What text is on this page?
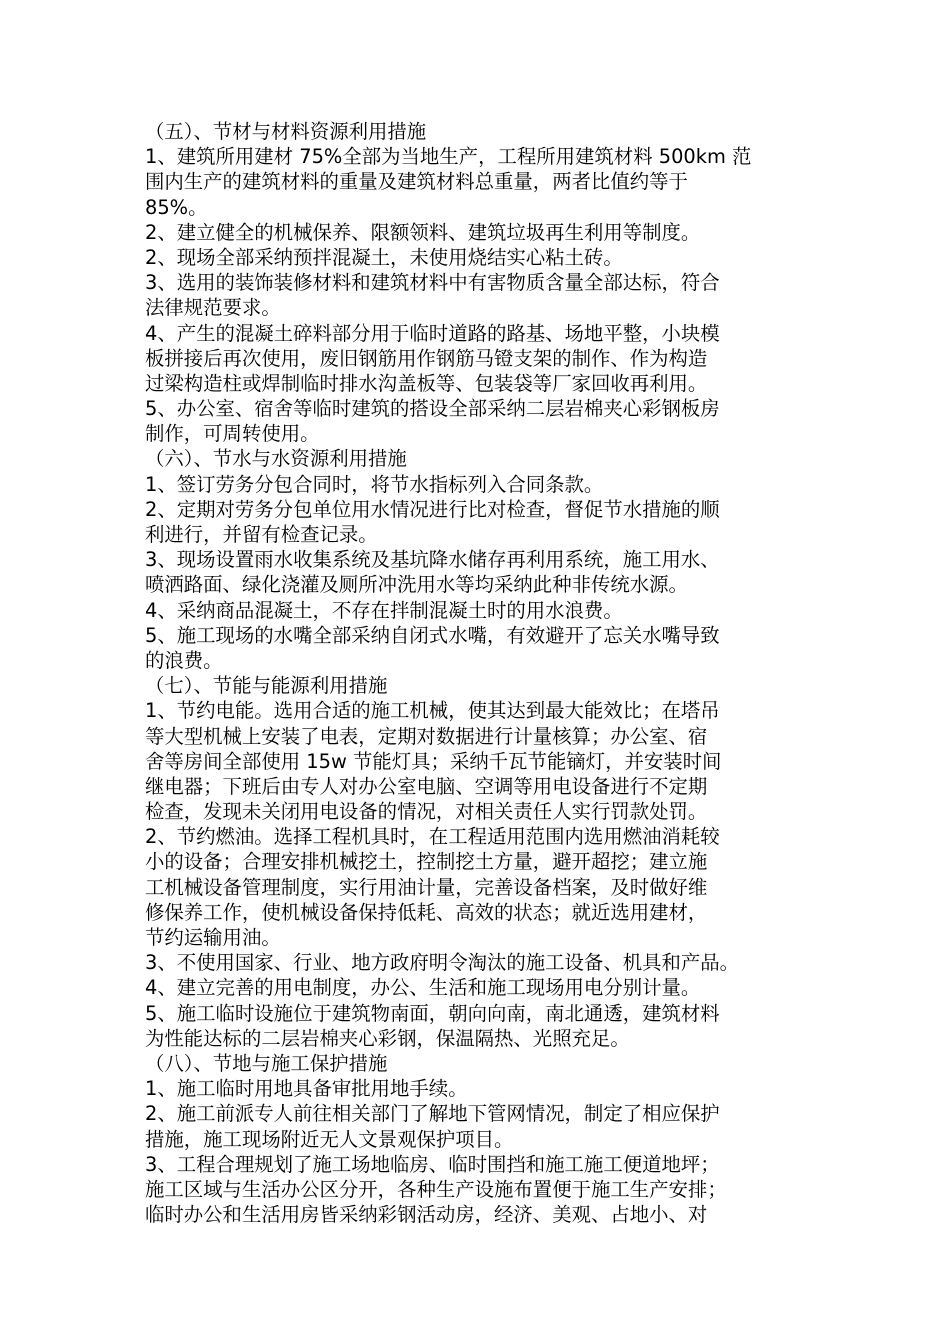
（五）、节材与材料资源利用措施
1、建筑所用建材 75%全部为当地生产，工程所用建筑材料 500km 范
围内生产的建筑材料的重量及建筑材料总重量，两者比值约等于
85%。
2、建立健全的机械保养、限额领料、建筑垃圾再生利用等制度。
2、现场全部采纳预拌混凝土，未使用烧结实心粘土砖。
3、选用的装饰装修材料和建筑材料中有害物质含量全部达标，符合
法律规范要求。
4、产生的混凝土碎料部分用于临时道路的路基、场地平整，小块模
板拼接后再次使用，废旧钢筋用作钢筋马镫支架的制作、作为构造
过梁构造柱或焊制临时排水沟盖板等、包装袋等厂家回收再利用。
5、办公室、宿舍等临时建筑的搭设全部采纳二层岩棉夹心彩钢板房
制作，可周转使用。
（六）、节水与水资源利用措施
1、签订劳务分包合同时，将节水指标列入合同条款。
2、定期对劳务分包单位用水情况进行比对检查，督促节水措施的顺
利进行，并留有检查记录。
3、现场设置雨水收集系统及基坑降水储存再利用系统，施工用水、
喷洒路面、绿化浇灌及厕所冲洗用水等均采纳此种非传统水源。
4、采纳商品混凝土，不存在拌制混凝土时的用水浪费。
5、施工现场的水嘴全部采纳自闭式水嘴，有效避开了忘关水嘴导致
的浪费。
（七）、节能与能源利用措施
1、节约电能。选用合适的施工机械，使其达到最大能效比；在塔吊
等大型机械上安装了电表，定期对数据进行计量核算；办公室、宿
舍等房间全部使用 15w 节能灯具；采纳千瓦节能镝灯，并安装时间
继电器；下班后由专人对办公室电脑、空调等用电设备进行不定期
检查，发现未关闭用电设备的情况，对相关责任人实行罚款处罚。
2、节约燃油。选择工程机具时，在工程适用范围内选用燃油消耗较
小的设备；合理安排机械挖土，控制挖土方量，避开超挖；建立施
工机械设备管理制度，实行用油计量，完善设备档案，及时做好维
修保养工作，使机械设备保持低耗、高效的状态；就近选用建材，
节约运输用油。
3、不使用国家、行业、地方政府明令淘汰的施工设备、机具和产品。
4、建立完善的用电制度，办公、生活和施工现场用电分别计量。
5、施工临时设施位于建筑物南面，朝向向南，南北通透，建筑材料
为性能达标的二层岩棉夹心彩钢，保温隔热、光照充足。
（八）、节地与施工保护措施
1、施工临时用地具备审批用地手续。
2、施工前派专人前往相关部门了解地下管网情况，制定了相应保护
措施，施工现场附近无人文景观保护项目。
3、工程合理规划了施工场地临房、临时围挡和施工施工便道地坪；
施工区域与生活办公区分开，各种生产设施布置便于施工生产安排；
临时办公和生活用房皆采纳彩钢活动房，经济、美观、占地小、对
